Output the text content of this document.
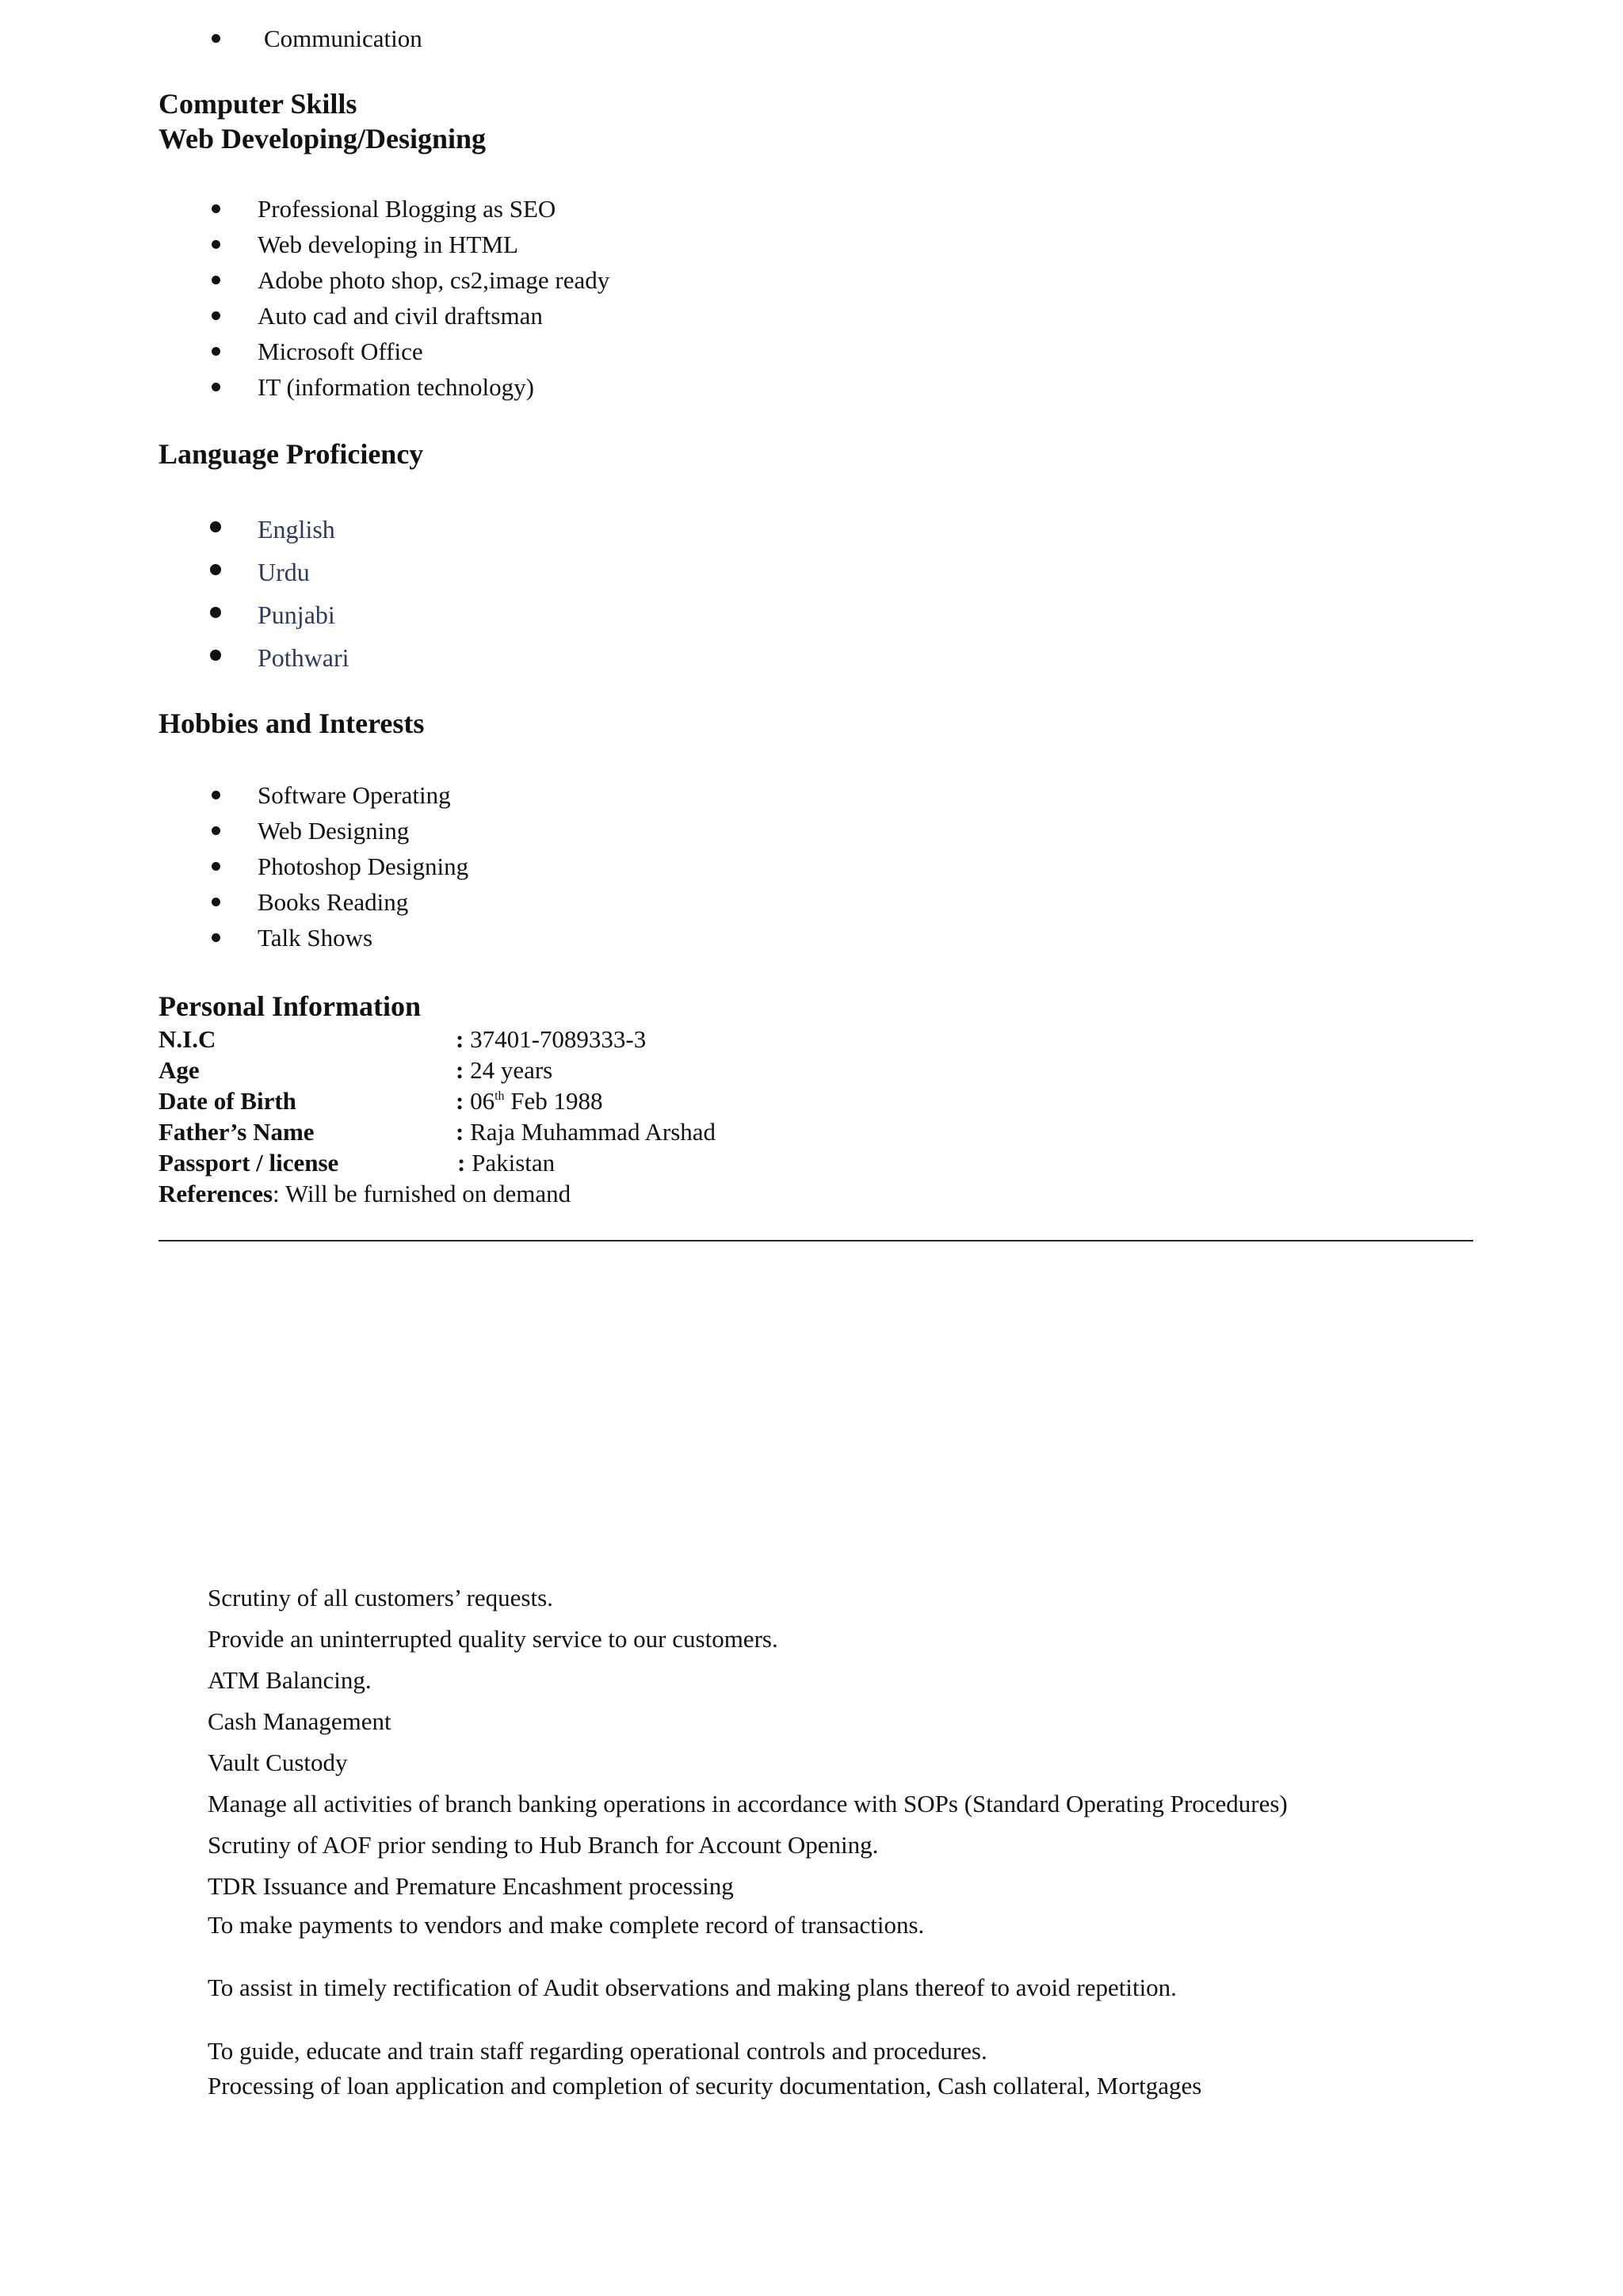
Communication
Computer Skills
Web Developing/Designing
Professional Blogging as SEO
Web developing in HTML
Adobe photo shop, cs2,image ready
Auto cad and civil draftsman
Microsoft Office
IT (information technology)
Language Proficiency
English
Urdu
Punjabi
Pothwari
Hobbies and Interests
Software Operating
Web Designing
Photoshop Designing
Books Reading
Talk Shows
Personal Information
N.I.C	: 37401-7089333-3
Age	: 24 years
Date of Birth	: 06th Feb 1988
Father’s Name	: Raja Muhammad Arshad
Passport / license	: Pakistan
References: Will be furnished on demand
Scrutiny of all customers’ requests.
Provide an uninterrupted quality service to our customers.
ATM Balancing.
Cash Management
Vault Custody
Manage all activities of branch banking operations in accordance with SOPs (Standard Operating Procedures)
Scrutiny of AOF prior sending to Hub Branch for Account Opening.
TDR Issuance and Premature Encashment processing
To make payments to vendors and make complete record of transactions.
To assist in timely rectification of Audit observations and making plans thereof to avoid repetition.
To guide, educate and train staff regarding operational controls and procedures.
Processing of loan application and completion of security documentation, Cash collateral, Mortgages
